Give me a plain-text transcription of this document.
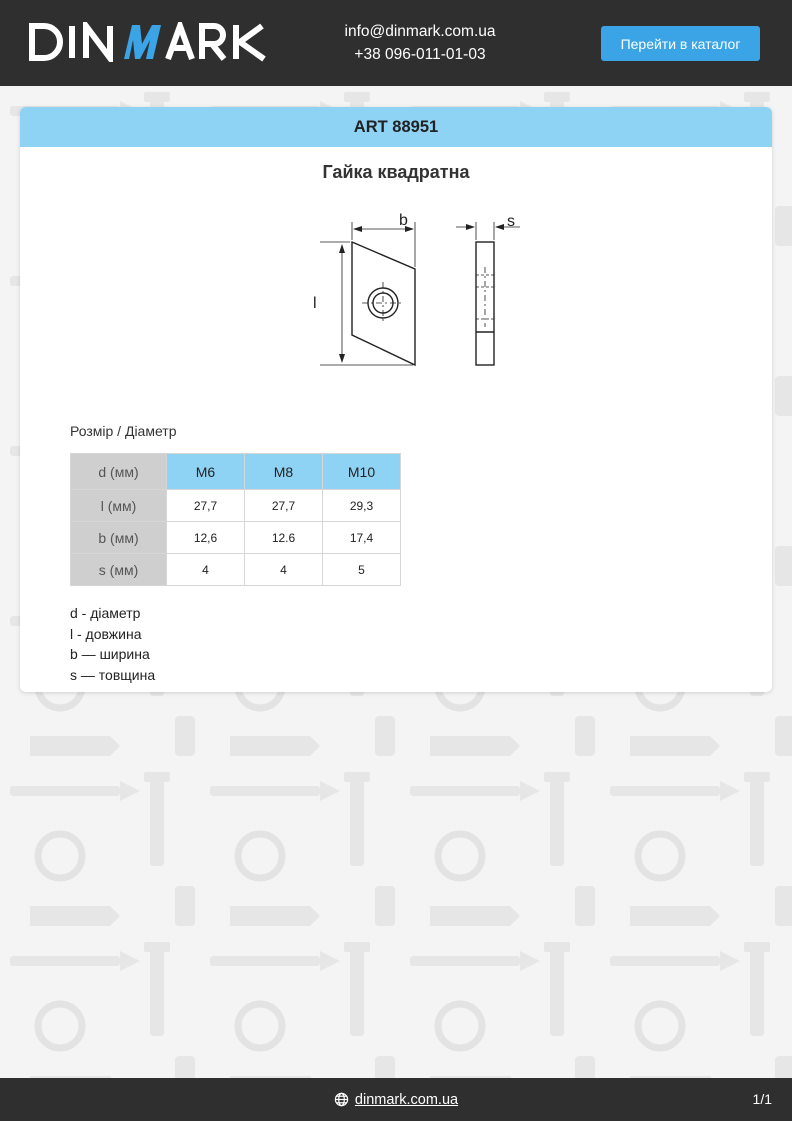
info@dinmark.com.ua
+38 096-011-01-03
Перейти в каталог
ART 88951
Гайка квадратна
b	s
l
Розмір / Діаметр
d (мм)	M6	M8	M10
l (мм)	27,7	27,7	29,3
b (мм)	12,6	12.6	17,4
s (мм)	4	4	5
d - діаметр
l - довжина
b — ширина
s — товщина
dinmark.com.ua	1/1
